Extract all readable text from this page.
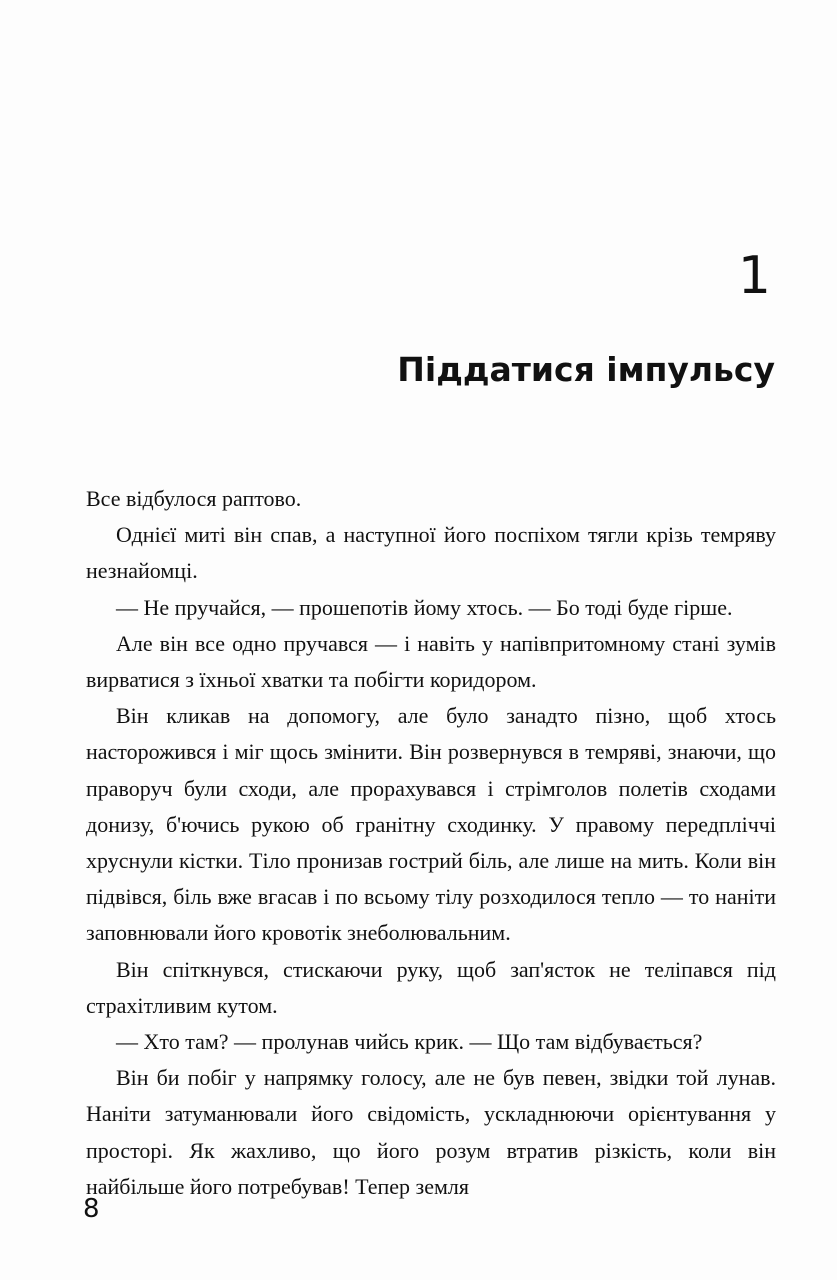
1
Піддатися імпульсу

Все відбулося раптово.

Однієї миті він спав, а наступної його поспіхом тягли крізь темряву незнайомці.

— Не пручайся, — прошепотів йому хтось. — Бо тоді буде гірше.

Але він все одно пручався — і навіть у напівпритомному стані зумів вирватися з їхньої хватки та побігти коридором.

Він кликав на допомогу, але було занадто пізно, щоб хтось насторожився і міг щось змінити. Він розвернувся в темряві, знаючи, що праворуч були сходи, але прорахувався і стрімголов полетів сходами донизу, б'ючись рукою об гранітну сходинку. У правому передпліччі хруснули кістки. Тіло пронизав гострий біль, але лише на мить. Коли він підвівся, біль вже вгасав і по всьому тілу розходилося тепло — то наніти заповнювали його кровотік знеболювальним.

Він спіткнувся, стискаючи руку, щоб зап'ясток не теліпався під страхітливим кутом.

— Хто там? — пролунав чийсь крик. — Що там відбувається?

Він би побіг у напрямку голосу, але не був певен, звідки той лунав. Наніти затуманювали його свідомість, ускладнюючи орієнтування у просторі. Як жахливо, що його розум втратив різкість, коли він найбільше його потребував! Тепер земля

8
